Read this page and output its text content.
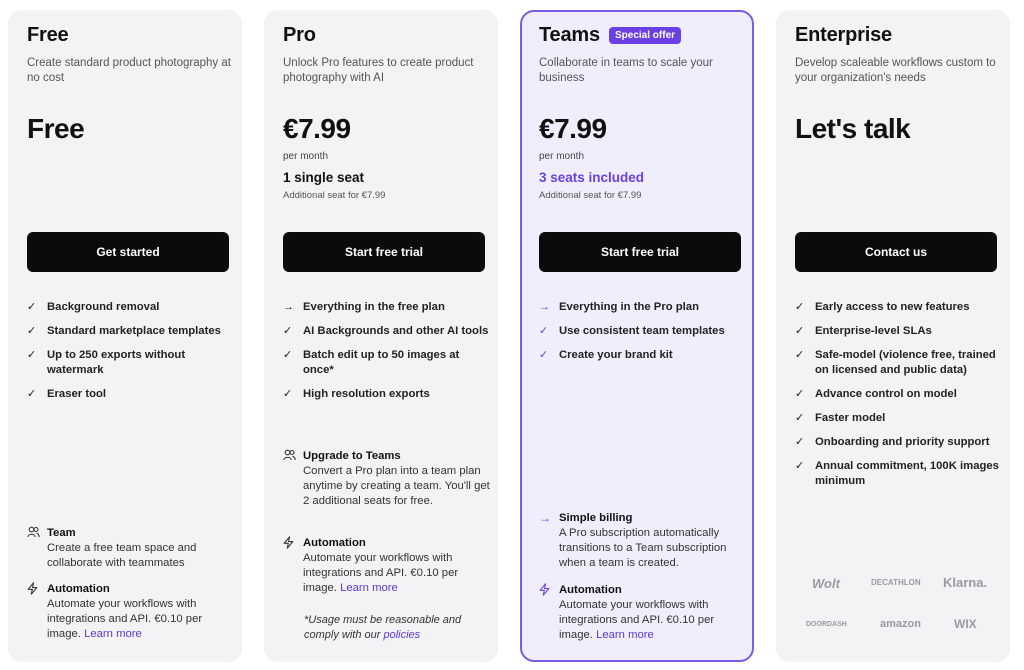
Free
Create standard product photography at no cost
Free
Get started
✓ Background removal
✓ Standard marketplace templates
✓ Up to 250 exports without watermark
✓ Eraser tool
Team
Create a free team space and collaborate with teammates
Automation
Automate your workflows with integrations and API. €0.10 per image. Learn more
Pro
Unlock Pro features to create product photography with AI
€7.99
per month
1 single seat
Additional seat for €7.99
Start free trial
→ Everything in the free plan
✓ AI Backgrounds and other AI tools
✓ Batch edit up to 50 images at once*
✓ High resolution exports
Upgrade to Teams
Convert a Pro plan into a team plan anytime by creating a team. You'll get 2 additional seats for free.
Automation
Automate your workflows with integrations and API. €0.10 per image. Learn more
*Usage must be reasonable and comply with our policies
Teams	Special offer
Collaborate in teams to scale your business
€7.99
per month
3 seats included
Additional seat for €7.99
Start free trial
→ Everything in the Pro plan
✓ Use consistent team templates
✓ Create your brand kit
→ Simple billing
A Pro subscription automatically transitions to a Team subscription when a team is created.
Automation
Automate your workflows with integrations and API. €0.10 per image. Learn more
Enterprise
Develop scaleable workflows custom to your organization's needs
Let's talk
Contact us
✓ Early access to new features
✓ Enterprise-level SLAs
✓ Safe-model (violence free, trained on licensed and public data)
✓ Advance control on model
✓ Faster model
✓ Onboarding and priority support
✓ Annual commitment, 100K images minimum
Wolt	DECATHLON Klarna.
DOORDASH	amazon	WIX
